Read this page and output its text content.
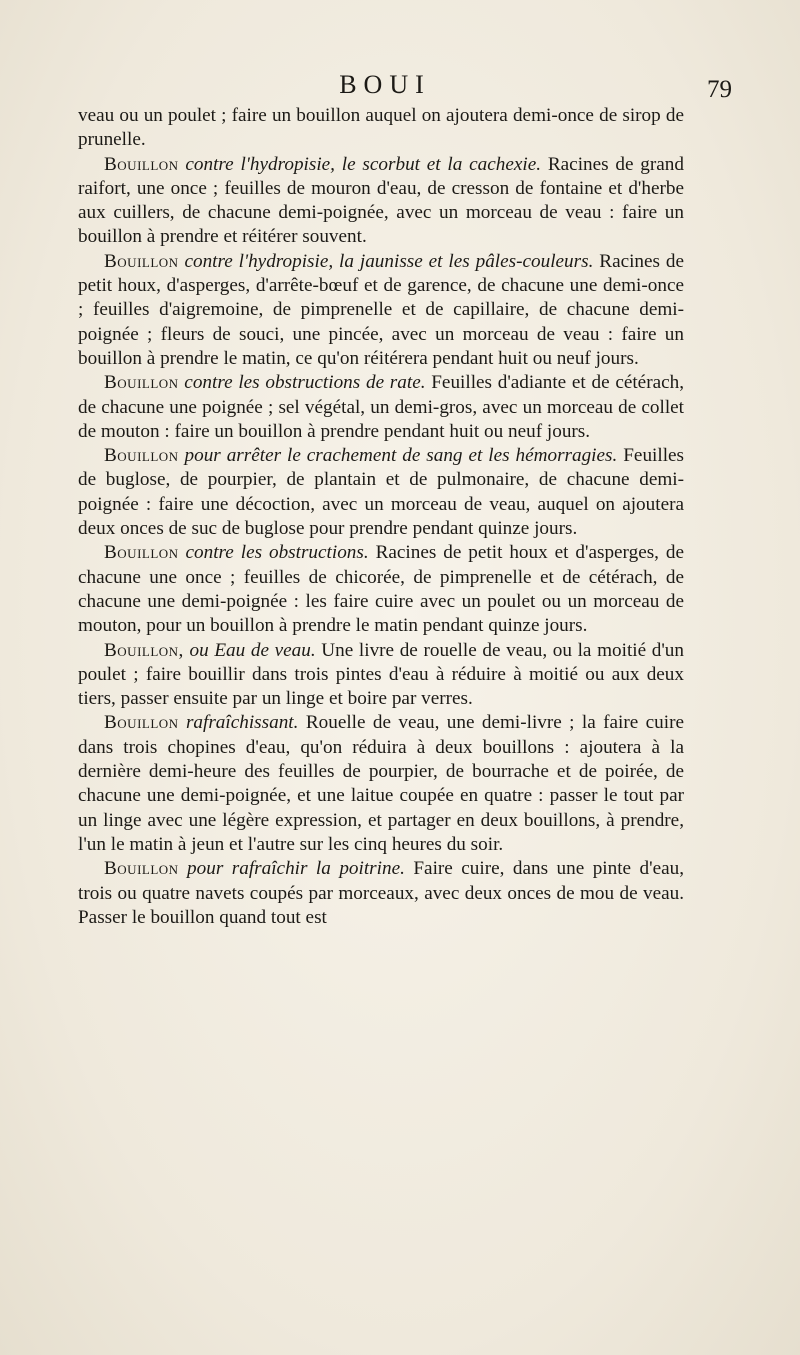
BOUI	79

veau ou un poulet ; faire un bouillon auquel on ajoutera demi-once de sirop de prunelle.

Bouillon contre l'hydropisie, le scorbut et la cachexie. Racines de grand raifort, une once ; feuilles de mouron d'eau, de cresson de fontaine et d'herbe aux cuillers, de chacune demi-poignée, avec un morceau de veau : faire un bouillon à prendre et réitérer souvent.

Bouillon contre l'hydropisie, la jaunisse et les pâles-couleurs. Racines de petit houx, d'asperges, d'arrête-bœuf et de garence, de chacune une demi-once ; feuilles d'aigremoine, de pimprenelle et de capillaire, de chacune demi-poignée ; fleurs de souci, une pincée, avec un morceau de veau : faire un bouillon à prendre le matin, ce qu'on réitérera pendant huit ou neuf jours.

Bouillon contre les obstructions de rate. Feuilles d'adiante et de cétérach, de chacune une poignée ; sel végétal, un demi-gros, avec un morceau de collet de mouton : faire un bouillon à prendre pendant huit ou neuf jours.

Bouillon pour arrêter le crachement de sang et les hémorragies. Feuilles de buglose, de pourpier, de plantain et de pulmonaire, de chacune demi-poignée : faire une décoction, avec un morceau de veau, auquel on ajoutera deux onces de suc de buglose pour prendre pendant quinze jours.

Bouillon contre les obstructions. Racines de petit houx et d'asperges, de chacune une once ; feuilles de chicorée, de pimprenelle et de cétérach, de chacune une demi-poignée : les faire cuire avec un poulet ou un morceau de mouton, pour un bouillon à prendre le matin pendant quinze jours.

Bouillon, ou Eau de veau. Une livre de rouelle de veau, ou la moitié d'un poulet ; faire bouillir dans trois pintes d'eau à réduire à moitié ou aux deux tiers, passer ensuite par un linge et boire par verres.

Bouillon rafraîchissant. Rouelle de veau, une demi-livre ; la faire cuire dans trois chopines d'eau, qu'on réduira à deux bouillons : ajoutera à la dernière demi-heure des feuilles de pourpier, de bourrache et de poirée, de chacune une demi-poignée, et une laitue coupée en quatre : passer le tout par un linge avec une légère expression, et partager en deux bouillons, à prendre, l'un le matin à jeun et l'autre sur les cinq heures du soir.

Bouillon pour rafraîchir la poitrine. Faire cuire, dans une pinte d'eau, trois ou quatre navets coupés par morceaux, avec deux onces de mou de veau. Passer le bouillon quand tout est
